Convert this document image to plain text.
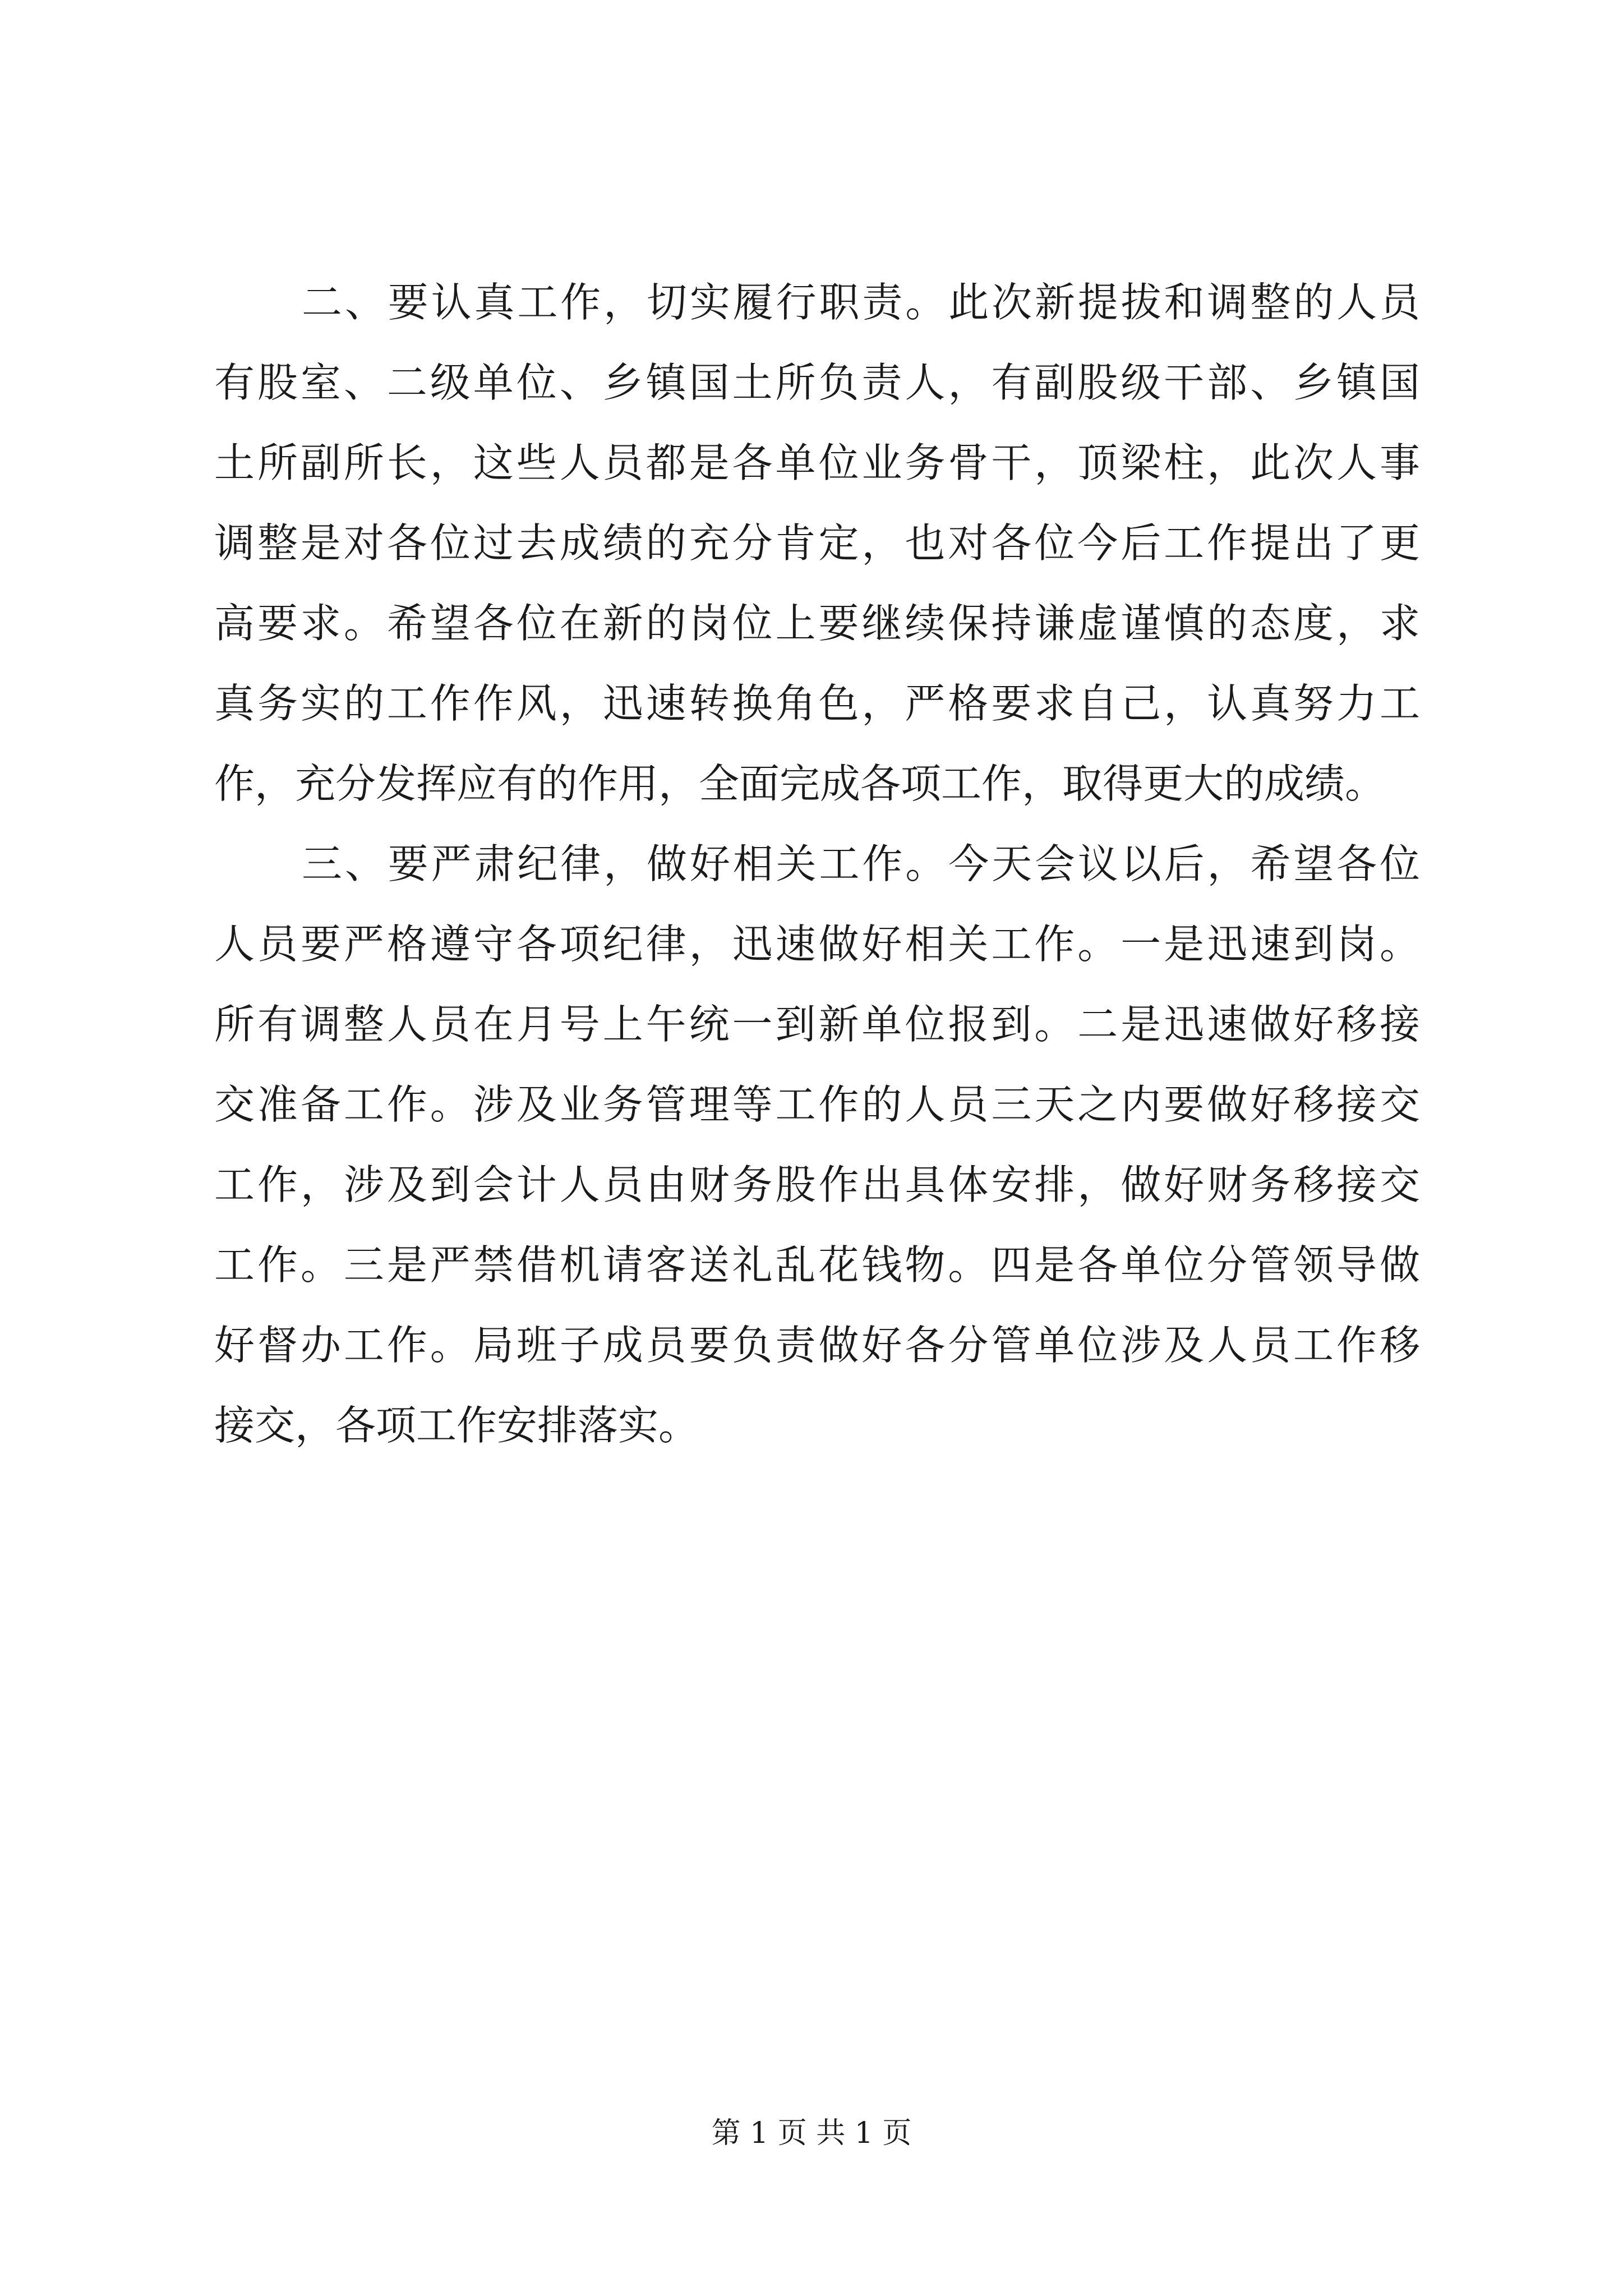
二、要认真工作，切实履行职责。此次新提拔和调整的人员
有股室、二级单位、乡镇国土所负责人，有副股级干部、乡镇国
土所副所长，这些人员都是各单位业务骨干，顶梁柱，此次人事
调整是对各位过去成绩的充分肯定，也对各位今后工作提出了更
高要求。希望各位在新的岗位上要继续保持谦虚谨慎的态度，求
真务实的工作作风，迅速转换角色，严格要求自己，认真努力工
作，充分发挥应有的作用，全面完成各项工作，取得更大的成绩。
三、要严肃纪律，做好相关工作。今天会议以后，希望各位
人员要严格遵守各项纪律，迅速做好相关工作。一是迅速到岗。
所有调整人员在月号上午统一到新单位报到。二是迅速做好移接
交准备工作。涉及业务管理等工作的人员三天之内要做好移接交
工作，涉及到会计人员由财务股作出具体安排，做好财务移接交
工作。三是严禁借机请客送礼乱花钱物。四是各单位分管领导做
好督办工作。局班子成员要负责做好各分管单位涉及人员工作移
接交，各项工作安排落实。
第 1 页 共 1 页
